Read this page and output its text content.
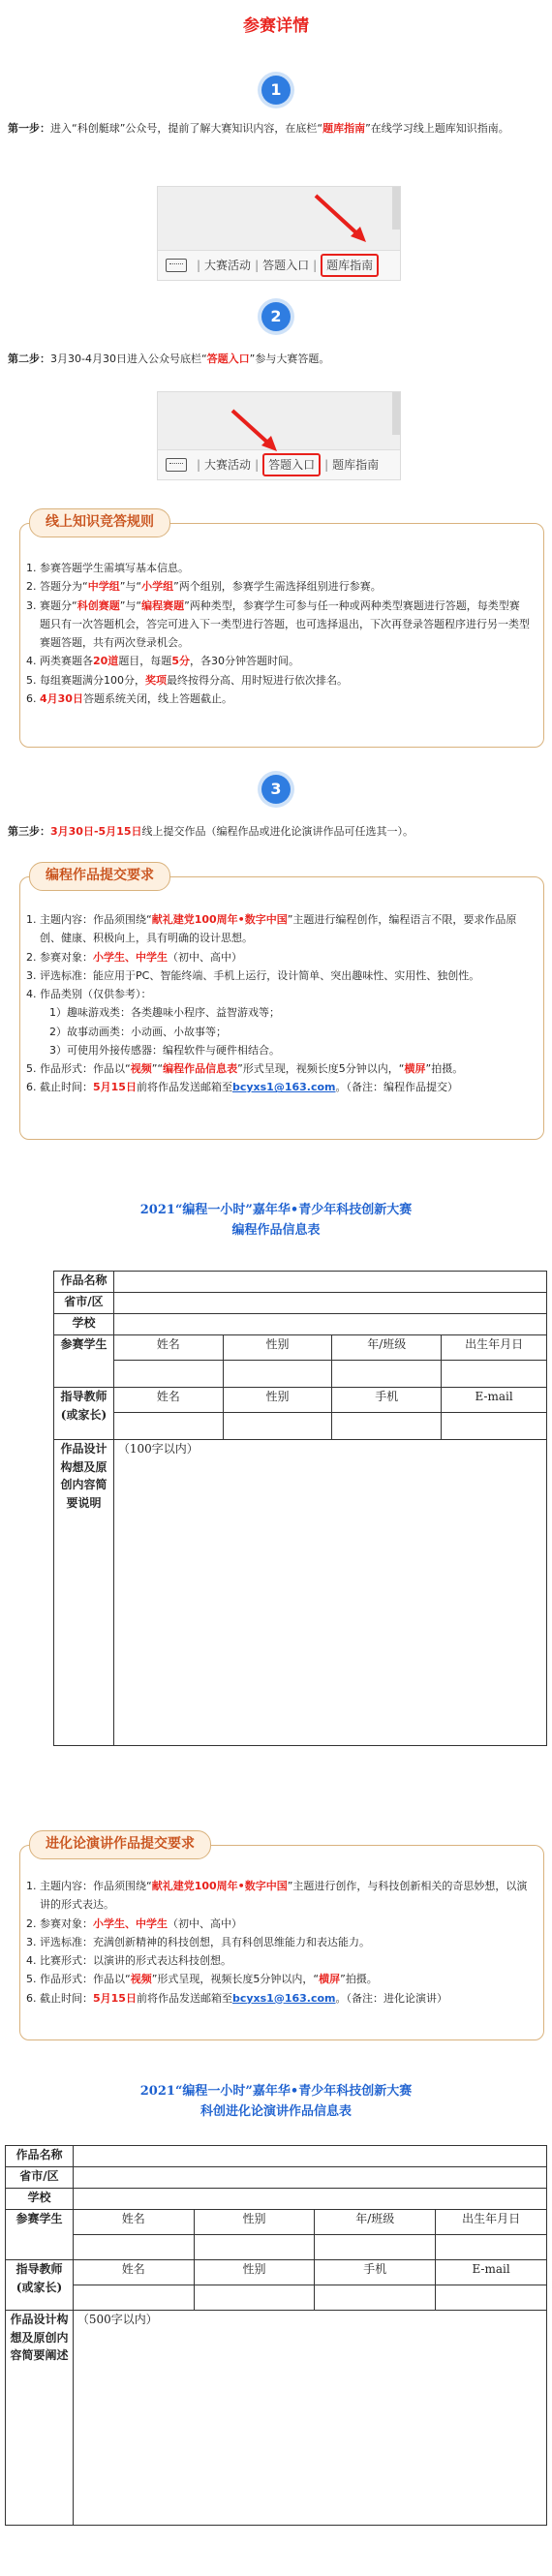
参赛详情
1
第一步：进入“科创艇球”公众号，提前了解大赛知识内容，在底栏“题库指南”在线学习线上题库知识指南。
| 大赛活动 | 答题入口 | 题库指南
2
第二步：3月30-4月30日进入公众号底栏“答题入口”参与大赛答题。
| 大赛活动 | 答题入口 | 题库指南
1. 参赛答题学生需填写基本信息。
2. 答题分为“中学组”与“小学组”两个组别，参赛学生需选择组别进行参赛。
3. 赛题分“科创赛题”与“编程赛题”两种类型，参赛学生可参与任一种或两种类型赛题进行答题，每类型赛题只有一次答题机会，答完可进入下一类型进行答题，也可选择退出，下次再登录答题程序进行另一类型赛题答题，共有两次登录机会。
4. 两类赛题各20道题目，每题5分，各30分钟答题时间。
5. 每组赛题满分100分，奖项最终按得分高、用时短进行依次排名。
6. 4月30日答题系统关闭，线上答题截止。
线上知识竞答规则
3
第三步：3月30日-5月15日线上提交作品（编程作品或进化论演讲作品可任选其一）。
1. 主题内容：作品须围绕“献礼建党100周年•数字中国”主题进行编程创作，编程语言不限，要求作品原创、健康、积极向上，具有明确的设计思想。
2. 参赛对象：小学生、中学生（初中、高中）
3. 评选标准：能应用于PC、智能终端、手机上运行，设计简单、突出趣味性、实用性、独创性。
4. 作品类别（仅供参考）：
1）趣味游戏类：各类趣味小程序、益智游戏等；
2）故事动画类：小动画、小故事等；
3）可使用外接传感器：编程软件与硬件相结合。
5. 作品形式：作品以“视频”“编程作品信息表”形式呈现，视频长度5分钟以内，“横屏”拍摄。
6. 截止时间：5月15日前将作品发送邮箱至bcyxs1@163.com。（备注：编程作品提交）
编程作品提交要求
2021“编程一小时”嘉年华•青少年科技创新大赛
编程作品信息表
作品名称				
省市/区				
学校				
参赛学生	姓名	性别	年/班级	出生年月日

指导教师(或家长)	姓名	性别	手机	E-mail

作品设计构想及原创内容简要说明	（100字以内）			
1. 主题内容：作品须围绕“献礼建党100周年•数字中国”主题进行创作，与科技创新相关的奇思妙想，以演讲的形式表达。
2. 参赛对象：小学生、中学生（初中、高中）
3. 评选标准：充满创新精神的科技创想，具有科创思维能力和表达能力。
4. 比赛形式：以演讲的形式表达科技创想。
5. 作品形式：作品以“视频”形式呈现，视频长度5分钟以内，“横屏”拍摄。
6. 截止时间：5月15日前将作品发送邮箱至bcyxs1@163.com。（备注：进化论演讲）
进化论演讲作品提交要求
2021“编程一小时”嘉年华•青少年科技创新大赛
科创进化论演讲作品信息表
作品名称				
省市/区				
学校				
参赛学生	姓名	性别	年/班级	出生年月日

指导教师(或家长)	姓名	性别	手机	E-mail

作品设计构想及原创内容简要阐述	（500字以内）			
